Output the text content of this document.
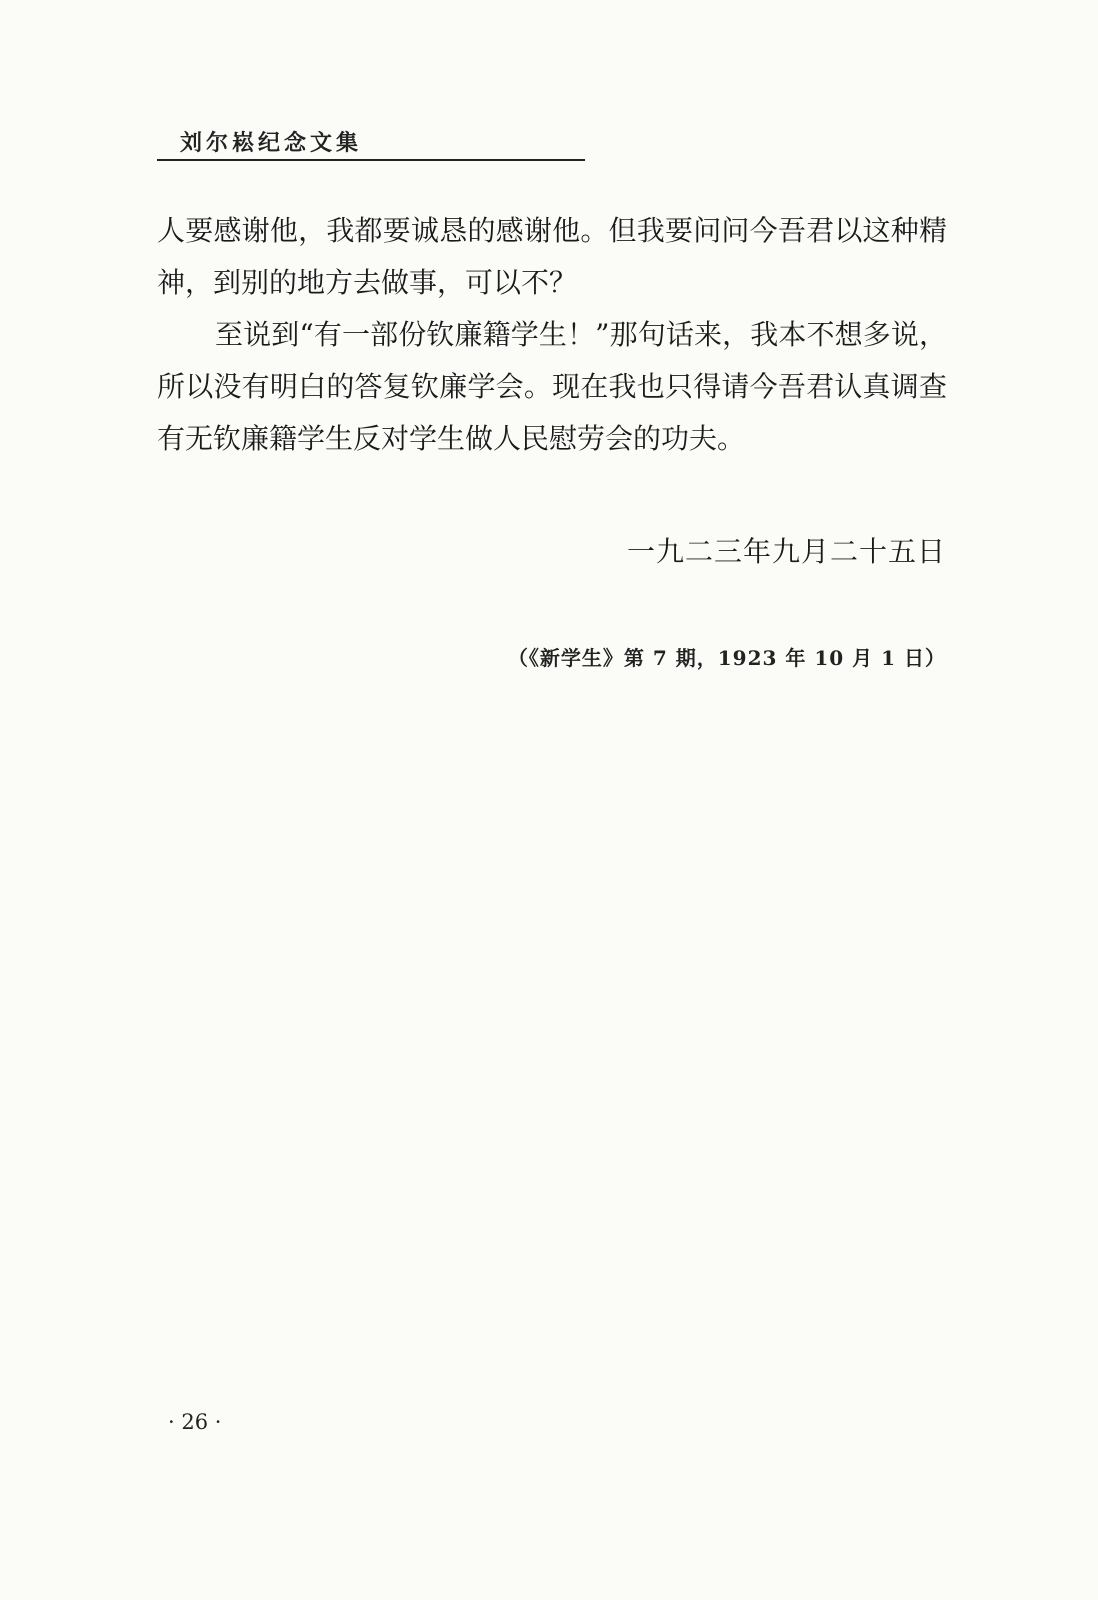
刘尔崧纪念文集

人要感谢他，我都要诚恳的感谢他。但我要问问今吾君以这种精神，到别的地方去做事，可以不？

至说到“有一部份钦廉籍学生！”那句话来，我本不想多说，所以没有明白的答复钦廉学会。现在我也只得请今吾君认真调查有无钦廉籍学生反对学生做人民慰劳会的功夫。

一九二三年九月二十五日
（《新学生》第 7 期，1923 年 10 月 1 日）
· 26 ·
